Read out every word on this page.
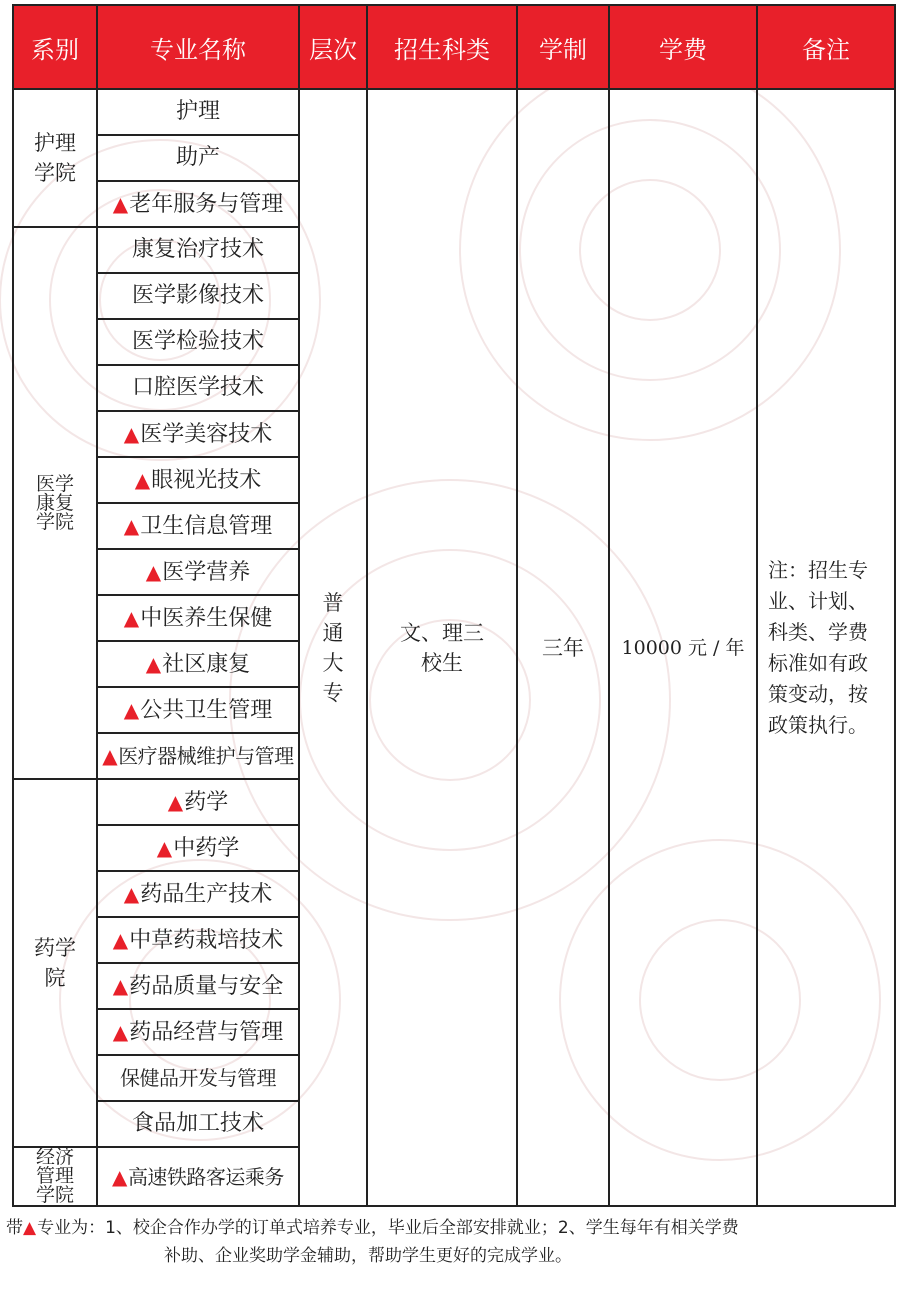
系别	专业名称	层次	招生科类	学制	学费	备注
护理学院	护理	普通大专	文、理三校生	三年	10000 元 / 年	注：招生专业、计划、科类、学费标准如有政策变动，按政策执行。
	助产					
	▲老年服务与管理					
医学康复学院	康复治疗技术					
	医学影像技术					
	医学检验技术					
	口腔医学技术					
	▲医学美容技术					
	▲眼视光技术					
	▲卫生信息管理					
	▲医学营养					
	▲中医养生保健					
	▲社区康复					
	▲公共卫生管理					
	▲医疗器械维护与管理					
药学院	▲药学					
	▲中药学					
	▲药品生产技术					
	▲中草药栽培技术					
	▲药品质量与安全					
	▲药品经营与管理					
	保健品开发与管理					
	食品加工技术					
经济管理学院	▲高速铁路客运乘务					
带▲专业为：1、校企合作办学的订单式培养专业，毕业后全部安排就业；2、学生每年有相关学费
补助、企业奖助学金辅助，帮助学生更好的完成学业。
